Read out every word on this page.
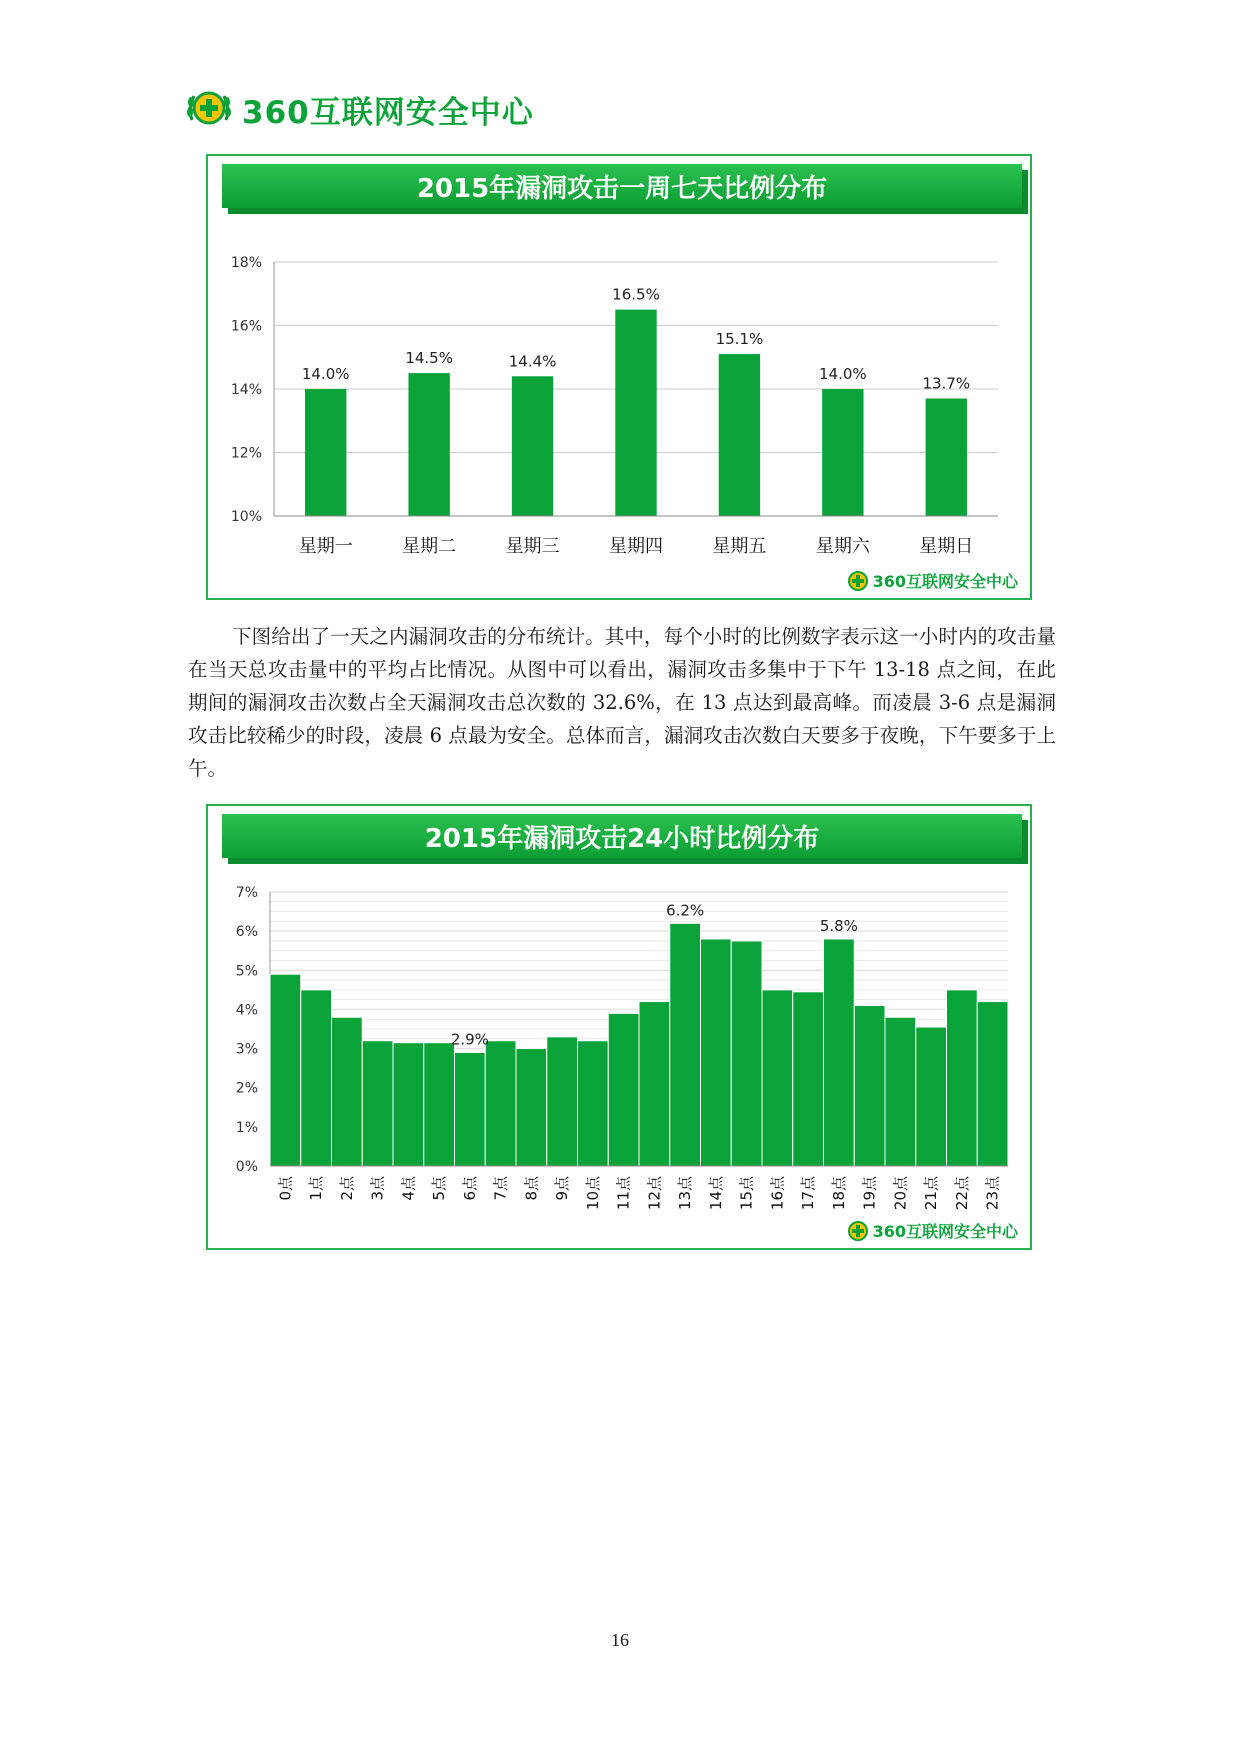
360互联网安全中心
2015年漏洞攻击一周七天比例分布
10%
12%
14%
16%
18%
星期一
14.0%
星期二
14.5%
星期三
14.4%
星期四
16.5%
星期五
15.1%
星期六
14.0%
星期日
13.7%
360互联网安全中心

下图给出了一天之内漏洞攻击的分布统计。其中，每个小时的比例数字表示这一小时内的攻击量在当天总攻击量中的平均占比情况。从图中可以看出，漏洞攻击多集中于下午 13-18 点之间，在此期间的漏洞攻击次数占全天漏洞攻击总次数的 32.6%，在 13 点达到最高峰。而凌晨 3-6 点是漏洞攻击比较稀少的时段，凌晨 6 点最为安全。总体而言，漏洞攻击次数白天要多于夜晚，下午要多于上午。

2015年漏洞攻击24小时比例分布
0%
1%
2%
3%
4%
5%
6%
7%
0点 1点 2点 3点 4点 5点 6点 7点 8点 9点 10点 11点 12点 13点 14点 15点 16点 17点 18点 19点 20点 21点 22点 23点
2.9%
6.2%
5.8%
360互联网安全中心
16
